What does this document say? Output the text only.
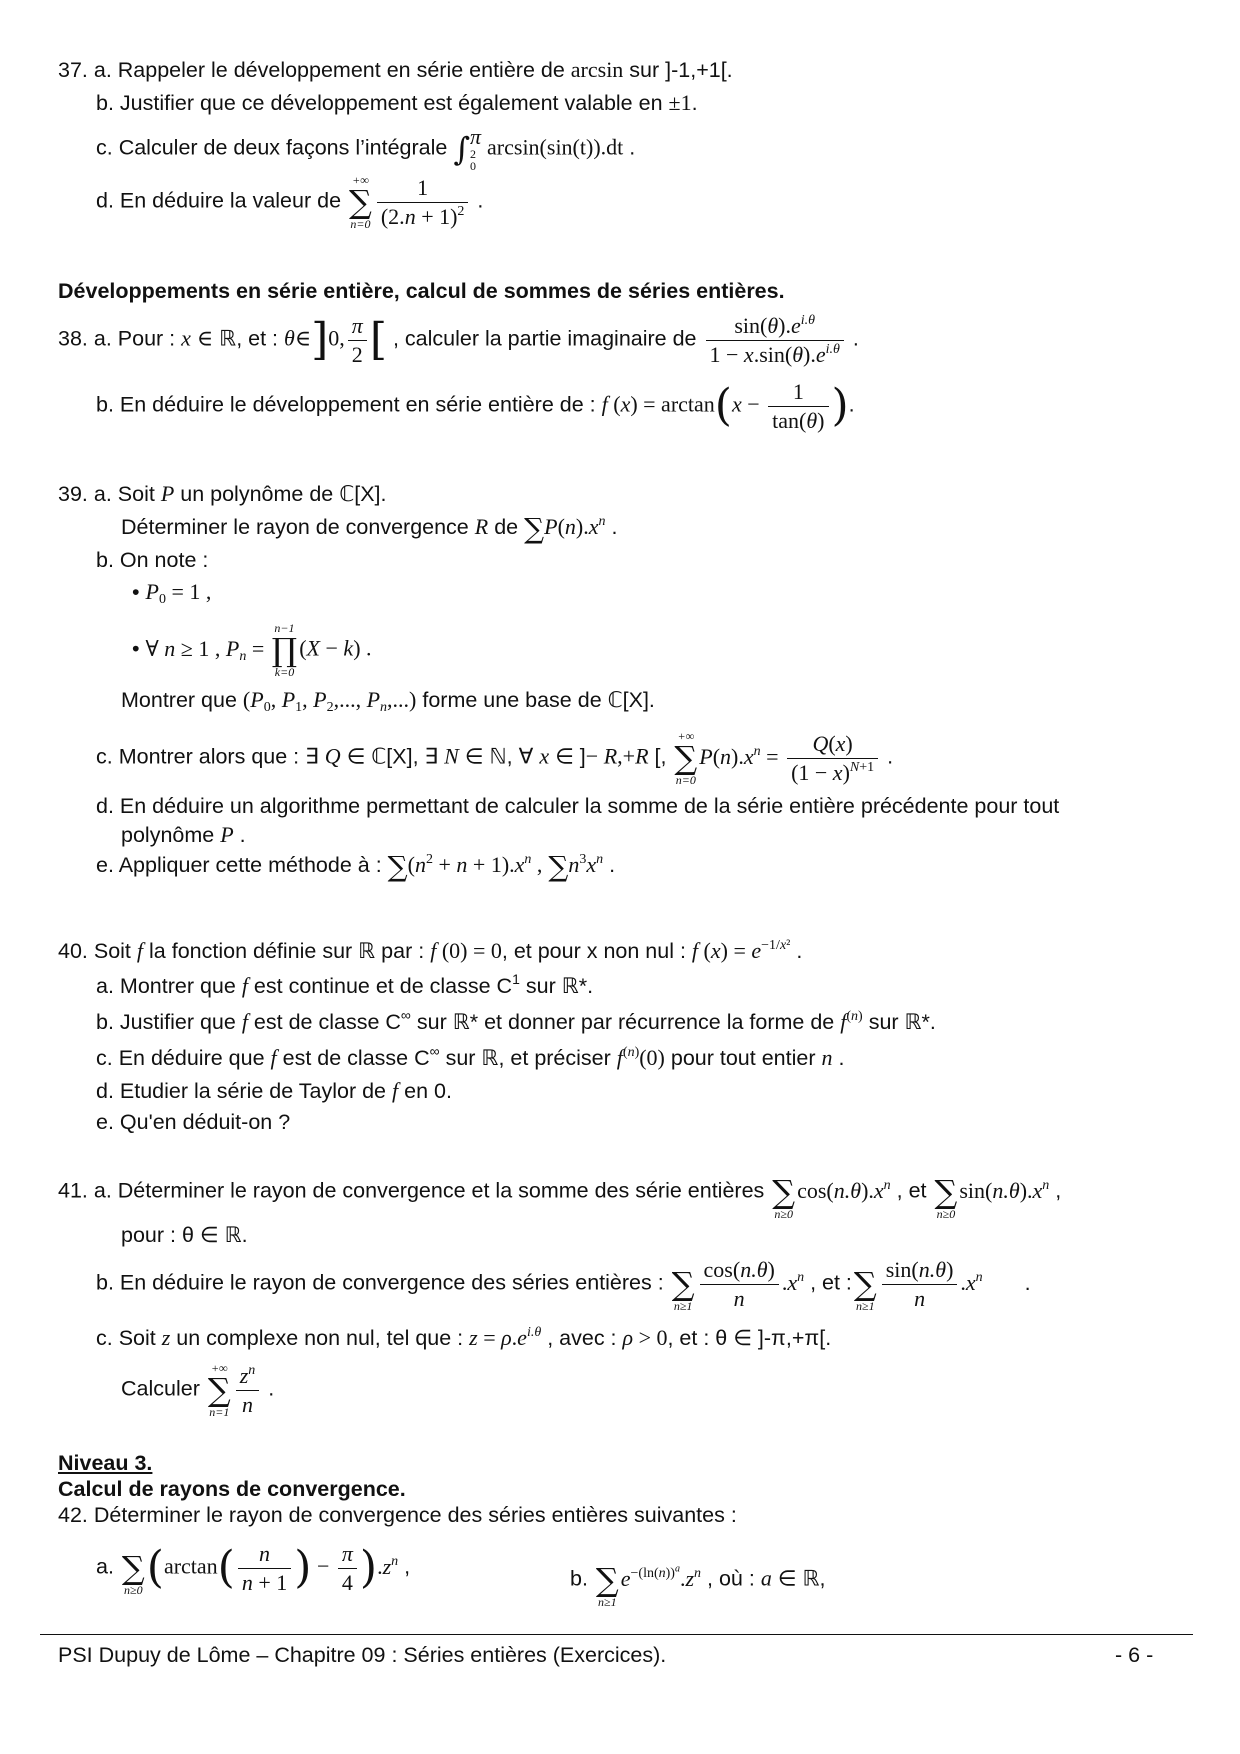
37. a. Rappeler le développement en série entière de arcsin sur ]-1,+1[.
b. Justifier que ce développement est également valable en ±1.
c. Calculer de deux façons l’intégrale ∫ π
2
0
arcsin(sin(t)).dt .
d. En déduire la valeur de
+∞
∑
$n=0 \frac{1}{(2.n + 1)^2}$ .
Développements en série entière, calcul de sommes de séries entières.
38. a. Pour : x ∈ ℝ, et : θ∈]0, $\frac{\pi}{2}$ [ , calculer la partie imaginaire de $\frac{\sin(\theta).e^{i.\theta}}{1 - x.\sin(\theta).e^{i.\theta}}$ .
b. En déduire le développement en série entière de : f $(x) = \arctan(x - \frac{1}{\tan(\theta)}$ ).
39. a. Soit P un polynôme de ℂ[X].
Déterminer le rayon de convergence R de $\sum P(n).x^n$ .
b. On note :
• $P_0 = 1$ ,
• ∀ n ≥ 1 , $P_n$ =
n−1
∏
k=0
(X − k) .
Montrer que ($P_0$, $P_1$, $P_2$,..., $P_n$,...) forme une base de ℂ[X].
c. Montrer alors que : ∃ Q ∈ ℂ[X], ∃ N ∈ ℕ, ∀ x ∈ ]− R,+R [,
+∞
∑
n=0
$P(n).x^n = \frac{Q(x)}{(1 - x)^{N+1}}$ .
d. En déduire un algorithme permettant de calculer la somme de la série entière précédente pour tout
polynôme P .
e. Appliquer cette méthode à : $\sum(n^2 + n + 1).x^n$ , $\sum n^3x^n$ .
40. Soit f la fonction définie sur ℝ par : f (0) = 0, et pour x non nul : f $(x) = e^{-1/x^2}$ .
a. Montrer que f est continue et de classe $C^1$ sur ℝ*.
b. Justifier que f est de classe C∞ sur ℝ* et donner par récurrence la forme de $f^{(n)}$ sur ℝ*.
c. En déduire que f est de classe C∞ sur ℝ, et préciser $f^{(n)}(0)$ pour tout entier n .
d. Etudier la série de Taylor de f en 0.
e. Qu'en déduit-on ?
41. a. Déterminer le rayon de convergence et la somme des série entières
∑
n≥0
$\cos(n.\theta).x^n$ , et
∑
n≥0
$\sin(n.\theta).x^n$ ,
pour : θ ∈ ℝ.
b. En déduire le rayon de convergence des séries entières :
∑
$n\ge 1 \frac{\cos(n.\theta)}{n} .x^n$ , et :
∑
$n\ge 1 \frac{\sin(n.\theta)}{n} .x^n$ .
c. Soit z un complexe non nul, tel que : $z = \rho.e^{i.\theta}$ , avec : ρ > 0, et : θ ∈ ]-π,+π[.
Calculer
+∞
∑
$n=1 \frac{z^n}{n}$ .
Niveau 3.
Calcul de rayons de convergence.
42. Déterminer le rayon de convergence des séries entières suivantes :
a.
∑
n≥0 ($\arctan( \frac{n}{n + 1}$ ) − $\frac{\pi}{4} ).z^n$ ,	b.
∑
n≥1
$e^{-(ln(n))^a}.z^n$ , où : a ∈ ℝ,
PSI Dupuy de Lôme – Chapitre 09 : Séries entières (Exercices).	- 6 -
